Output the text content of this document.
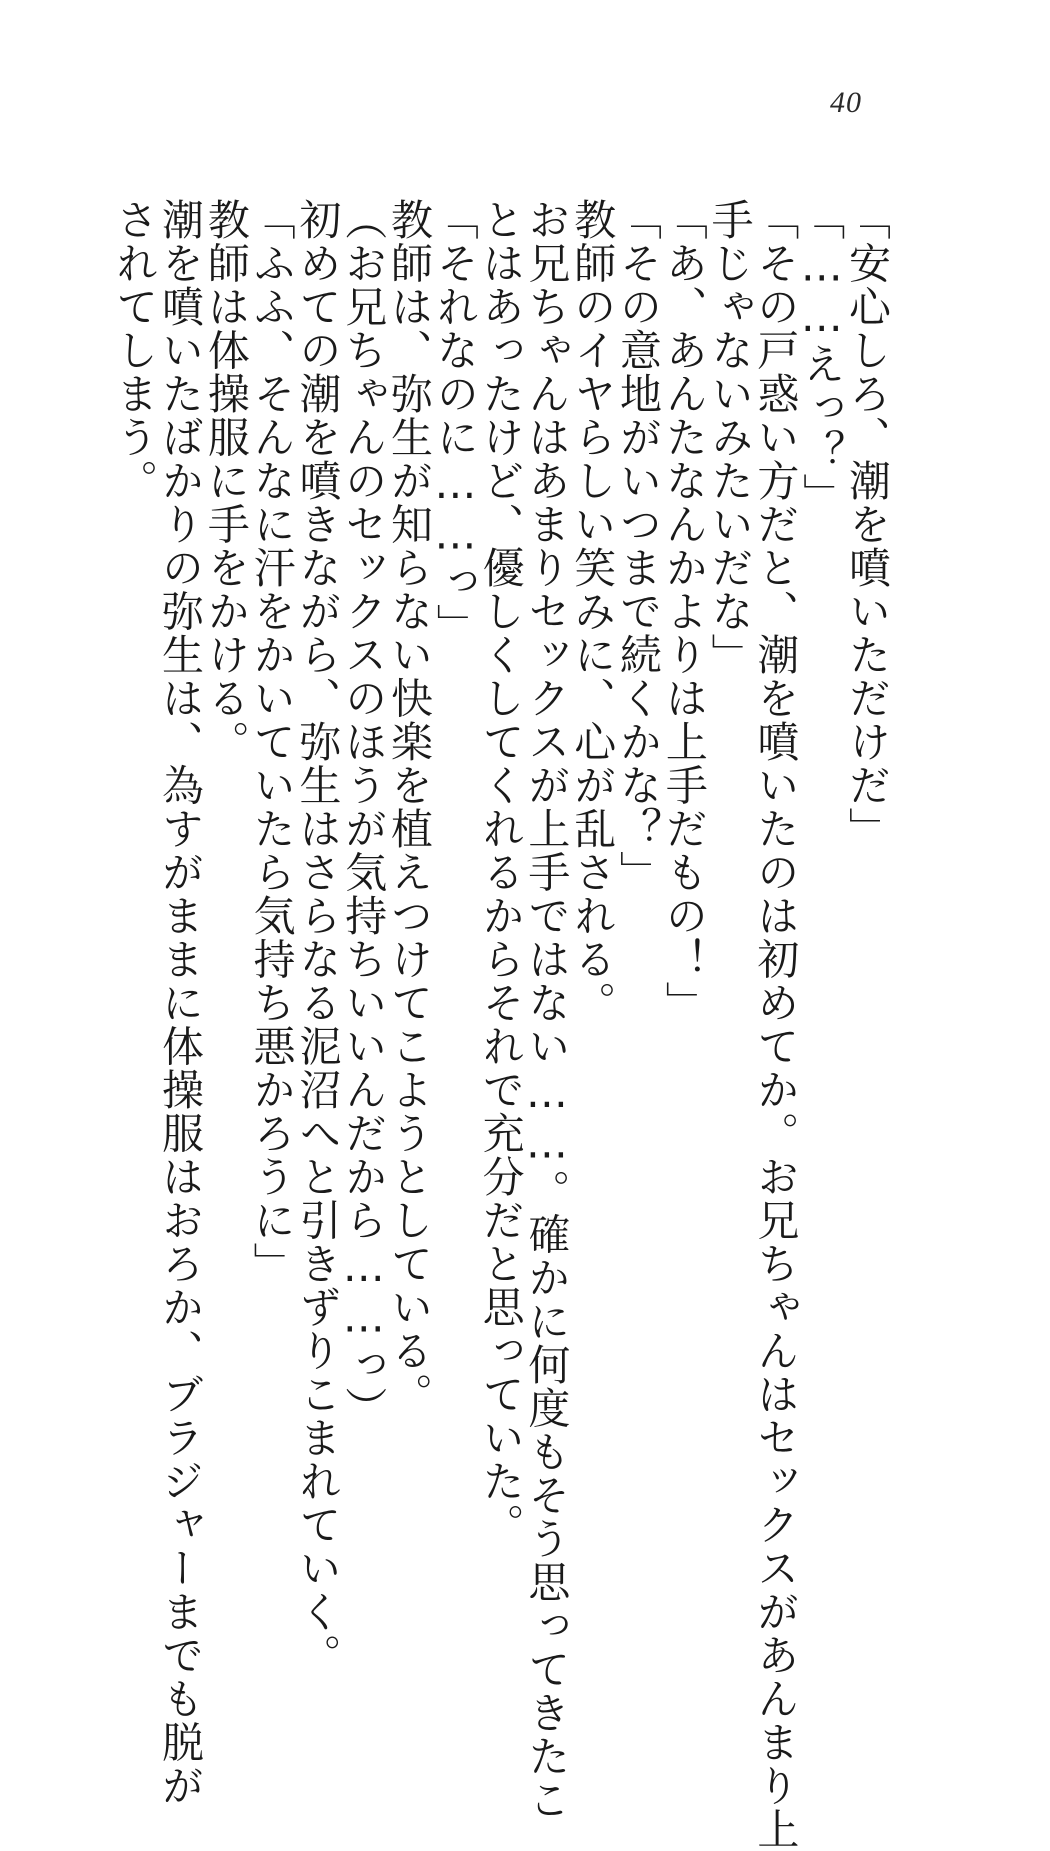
40
「安心しろ、潮を噴いただけだ」
「……えっ？」
「その戸惑い方だと、潮を噴いたのは初めてか。お兄ちゃんはセックスがあんまり上
手じゃないみたいだな」
「あ、あんたなんかよりは上手だもの！」
「その意地がいつまで続くかな？」
教師のイヤらしい笑みに、心が乱される。
お兄ちゃんはあまりセックスが上手ではない……。確かに何度もそう思ってきたこ
とはあったけど、優しくしてくれるからそれで充分だと思っていた。
「それなのに……っ」
教師は、弥生が知らない快楽を植えつけてこようとしている。
（お兄ちゃんのセックスのほうが気持ちいいんだから……っ）
初めての潮を噴きながら、弥生はさらなる泥沼へと引きずりこまれていく。
「ふふ、そんなに汗をかいていたら気持ち悪かろうに」
教師は体操服に手をかける。
潮を噴いたばかりの弥生は、為すがままに体操服はおろか、ブラジャーまでも脱が
されてしまう。
